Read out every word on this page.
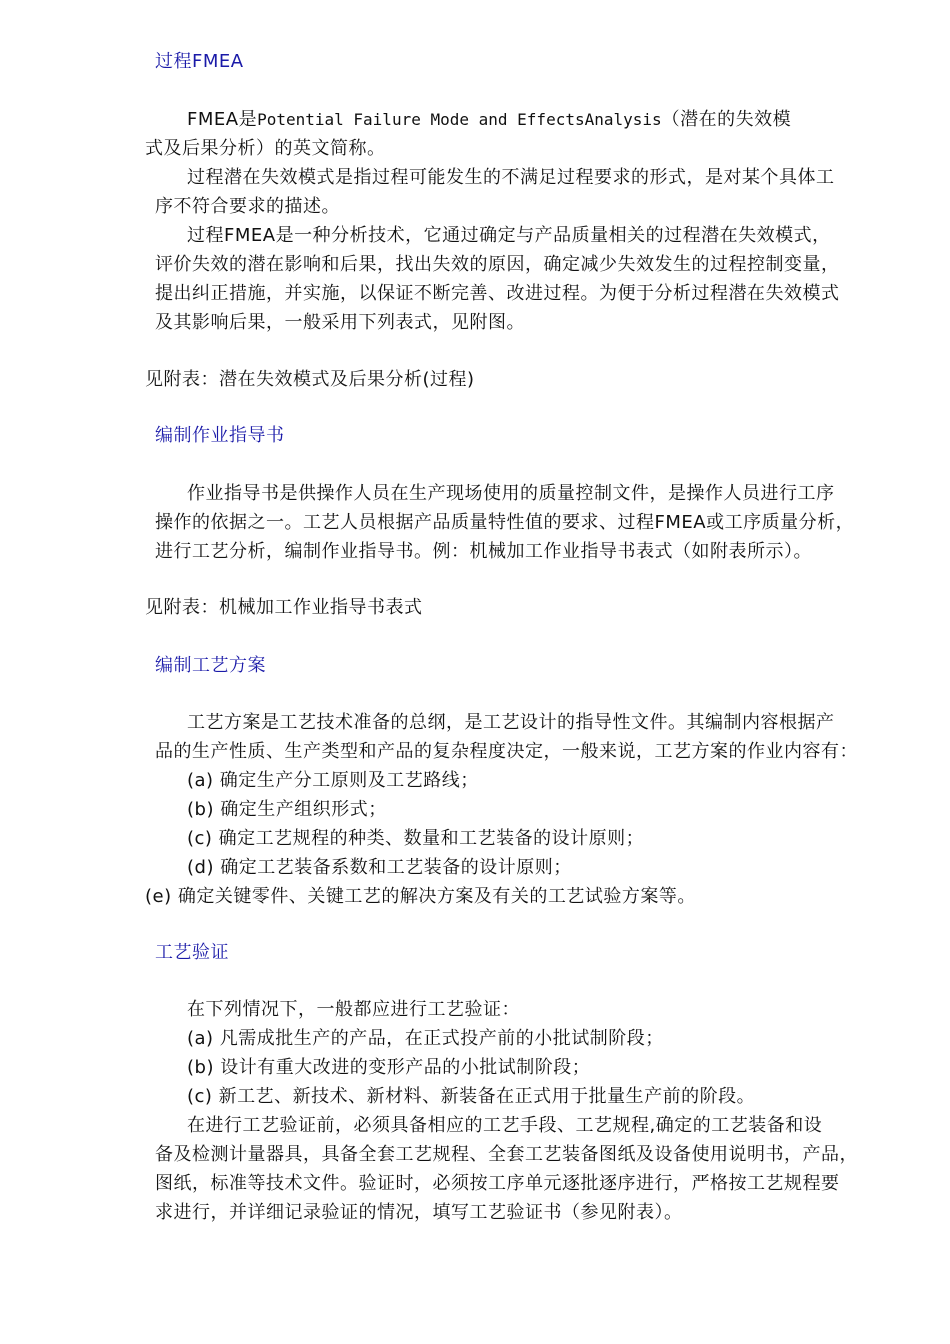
过程FMEA
FMEA是Potential Failure Mode and EffectsAnalysis（潜在的失效模
式及后果分析）的英文简称。
过程潜在失效模式是指过程可能发生的不满足过程要求的形式，是对某个具体工
序不符合要求的描述。
过程FMEA是一种分析技术，它通过确定与产品质量相关的过程潜在失效模式，
评价失效的潜在影响和后果，找出失效的原因，确定减少失效发生的过程控制变量，
提出纠正措施，并实施，以保证不断完善、改进过程。为便于分析过程潜在失效模式
及其影响后果，一般采用下列表式，见附图。
见附表：潜在失效模式及后果分析(过程)
编制作业指导书
作业指导书是供操作人员在生产现场使用的质量控制文件，是操作人员进行工序
操作的依据之一。工艺人员根据产品质量特性值的要求、过程FMEA或工序质量分析，
进行工艺分析，编制作业指导书。例：机械加工作业指导书表式（如附表所示）。
见附表：机械加工作业指导书表式
编制工艺方案
工艺方案是工艺技术准备的总纲，是工艺设计的指导性文件。其编制内容根据产
品的生产性质、生产类型和产品的复杂程度决定，一般来说，工艺方案的作业内容有：
(a) 确定生产分工原则及工艺路线；
(b) 确定生产组织形式；
(c) 确定工艺规程的种类、数量和工艺装备的设计原则；
(d) 确定工艺装备系数和工艺装备的设计原则；
(e) 确定关键零件、关键工艺的解决方案及有关的工艺试验方案等。
工艺验证
在下列情况下，一般都应进行工艺验证：
(a) 凡需成批生产的产品，在正式投产前的小批试制阶段；
(b) 设计有重大改进的变形产品的小批试制阶段；
(c) 新工艺、新技术、新材料、新装备在正式用于批量生产前的阶段。
在进行工艺验证前，必须具备相应的工艺手段、工艺规程,确定的工艺装备和设
备及检测计量器具，具备全套工艺规程、全套工艺装备图纸及设备使用说明书，产品，
图纸，标准等技术文件。验证时，必须按工序单元逐批逐序进行，严格按工艺规程要
求进行，并详细记录验证的情况，填写工艺验证书（参见附表）。
